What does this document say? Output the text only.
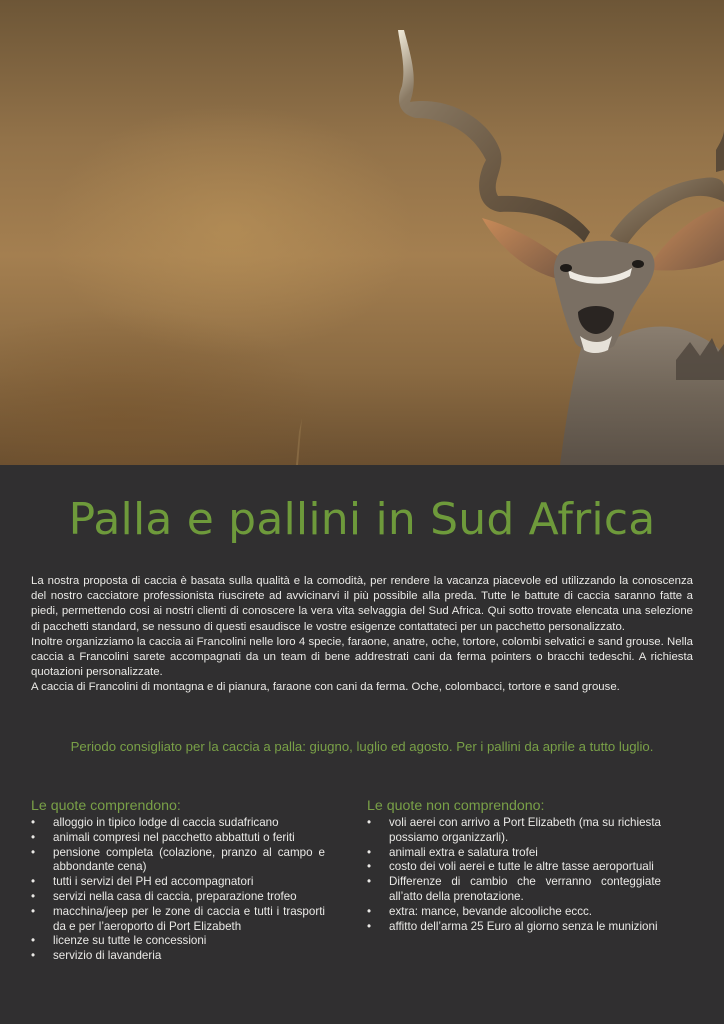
Palla e pallini in Sud Africa

La nostra proposta di caccia è basata sulla qualità e la comodità, per rendere la vacanza piacevole ed utilizzando la conoscenza del nostro cacciatore professionista riuscirete ad avvicinarvi il più possibile alla preda. Tutte le battute di caccia saranno fatte a piedi, permettendo cosi ai nostri clienti di conoscere la vera vita selvaggia del Sud Africa. Qui sotto trovate elencata una selezione di pacchetti standard, se nessuno di questi esaudisce le vostre esigenze contattateci per un pacchetto personalizzato.

Inoltre organizziamo la caccia ai Francolini nelle loro 4 specie, faraone, anatre, oche, tortore, colombi selvatici e sand grouse. Nella caccia a Francolini sarete accompagnati da un team di bene addrestrati cani da ferma pointers o bracchi tedeschi. A richiesta quotazioni personalizzate.

A caccia di Francolini di montagna e di pianura, faraone con cani da ferma. Oche, colombacci, tortore e sand grouse.

Periodo consigliato per la caccia a palla: giugno, luglio ed agosto. Per i pallini da aprile a tutto luglio.
Le quote comprendono:
•	alloggio in tipico lodge di caccia sudafricano
•	animali compresi nel pacchetto abbattuti o feriti
•	pensione completa (colazione, pranzo al campo e abbondante cena)
•	tutti i servizi del PH ed accompagnatori
•	servizi nella casa di caccia, preparazione trofeo
•	macchina/jeep per le zone di caccia e tutti i trasporti da e per l’aeroporto di Port Elizabeth
•	licenze su tutte le concessioni
•	servizio di lavanderia
Le quote non comprendono:
•	voli aerei con arrivo a Port Elizabeth (ma su richiesta possiamo organizzarli).
•	animali extra e salatura trofei
•	costo dei voli aerei e tutte le altre tasse aeroportuali
•	Differenze di cambio che verranno conteggiate all’atto della prenotazione.
•	extra: mance, bevande alcooliche eccc.
•	affitto dell’arma 25 Euro al giorno senza le munizioni
